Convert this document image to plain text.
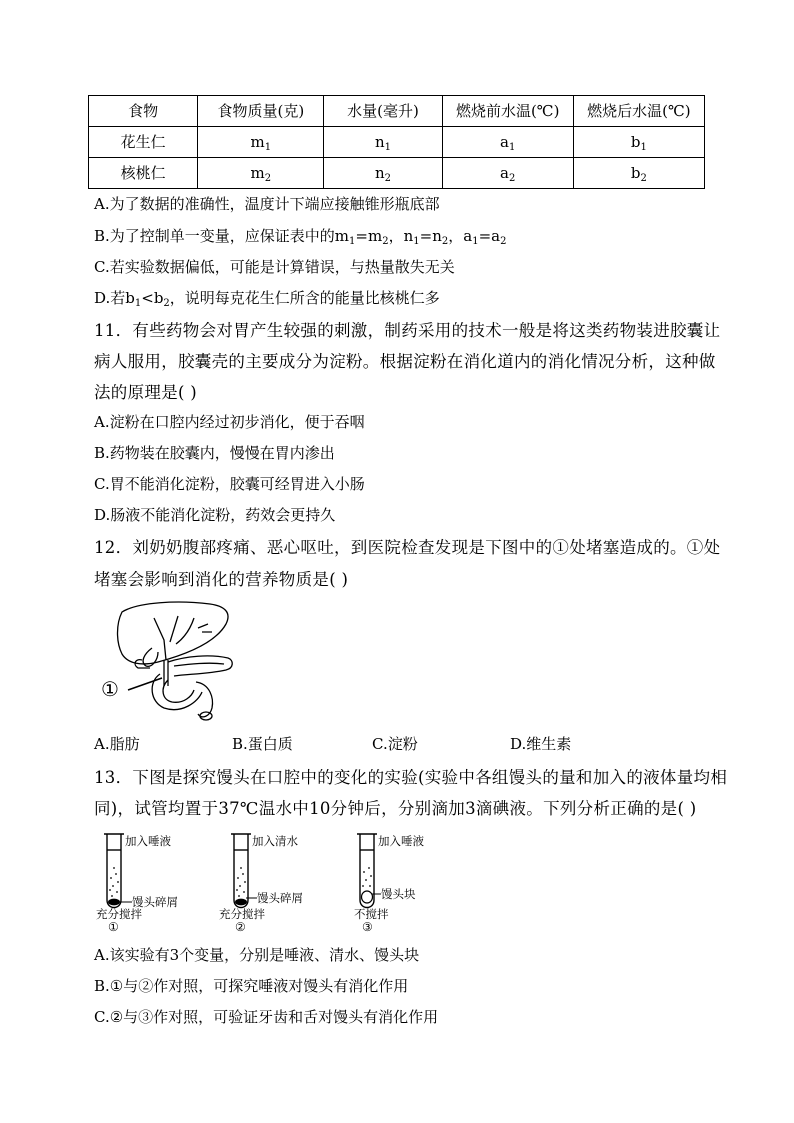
食物	食物质量(克)	水量(毫升)	燃烧前水温(℃)	燃烧后水温(℃)
花生仁	$m_1$	$n_1$	$a_1$	$b_1$
核桃仁	$m_2$	$n_2$	$a_2$	$b_2$
A.为了数据的准确性，温度计下端应接触锥形瓶底部
B.为了控制单一变量，应保证表中的$m_1=m_2$，$n_1=n_2$，$a_1=a_2$
C.若实验数据偏低，可能是计算错误，与热量散失无关
D.若$b_1<b_2$，说明每克花生仁所含的能量比核桃仁多
11．有些药物会对胃产生较强的刺激，制药采用的技术一般是将这类药物装进胶囊让
病人服用，胶囊壳的主要成分为淀粉。根据淀粉在消化道内的消化情况分析，这种做
法的原理是( )
A.淀粉在口腔内经过初步消化，便于吞咽
B.药物装在胶囊内，慢慢在胃内渗出
C.胃不能消化淀粉，胶囊可经胃进入小肠
D.肠液不能消化淀粉，药效会更持久
12．刘奶奶腹部疼痛、恶心呕吐，到医院检查发现是下图中的①处堵塞造成的。①处
堵塞会影响到消化的营养物质是( )
①
A.脂肪	B.蛋白质	C.淀粉	D.维生素
13．下图是探究馒头在口腔中的变化的实验(实验中各组馒头的量和加入的液体量均相
同)，试管均置于37℃温水中10分钟后，分别滴加3滴碘液。下列分析正确的是( )
加入唾液
馒头碎屑
充分搅拌
①
加入清水
馒头碎屑
充分搅拌
②
加入唾液
馒头块
不搅拌
③
A.该实验有3个变量，分别是唾液、清水、馒头块
B.①与②作对照，可探究唾液对馒头有消化作用
C.②与③作对照，可验证牙齿和舌对馒头有消化作用
